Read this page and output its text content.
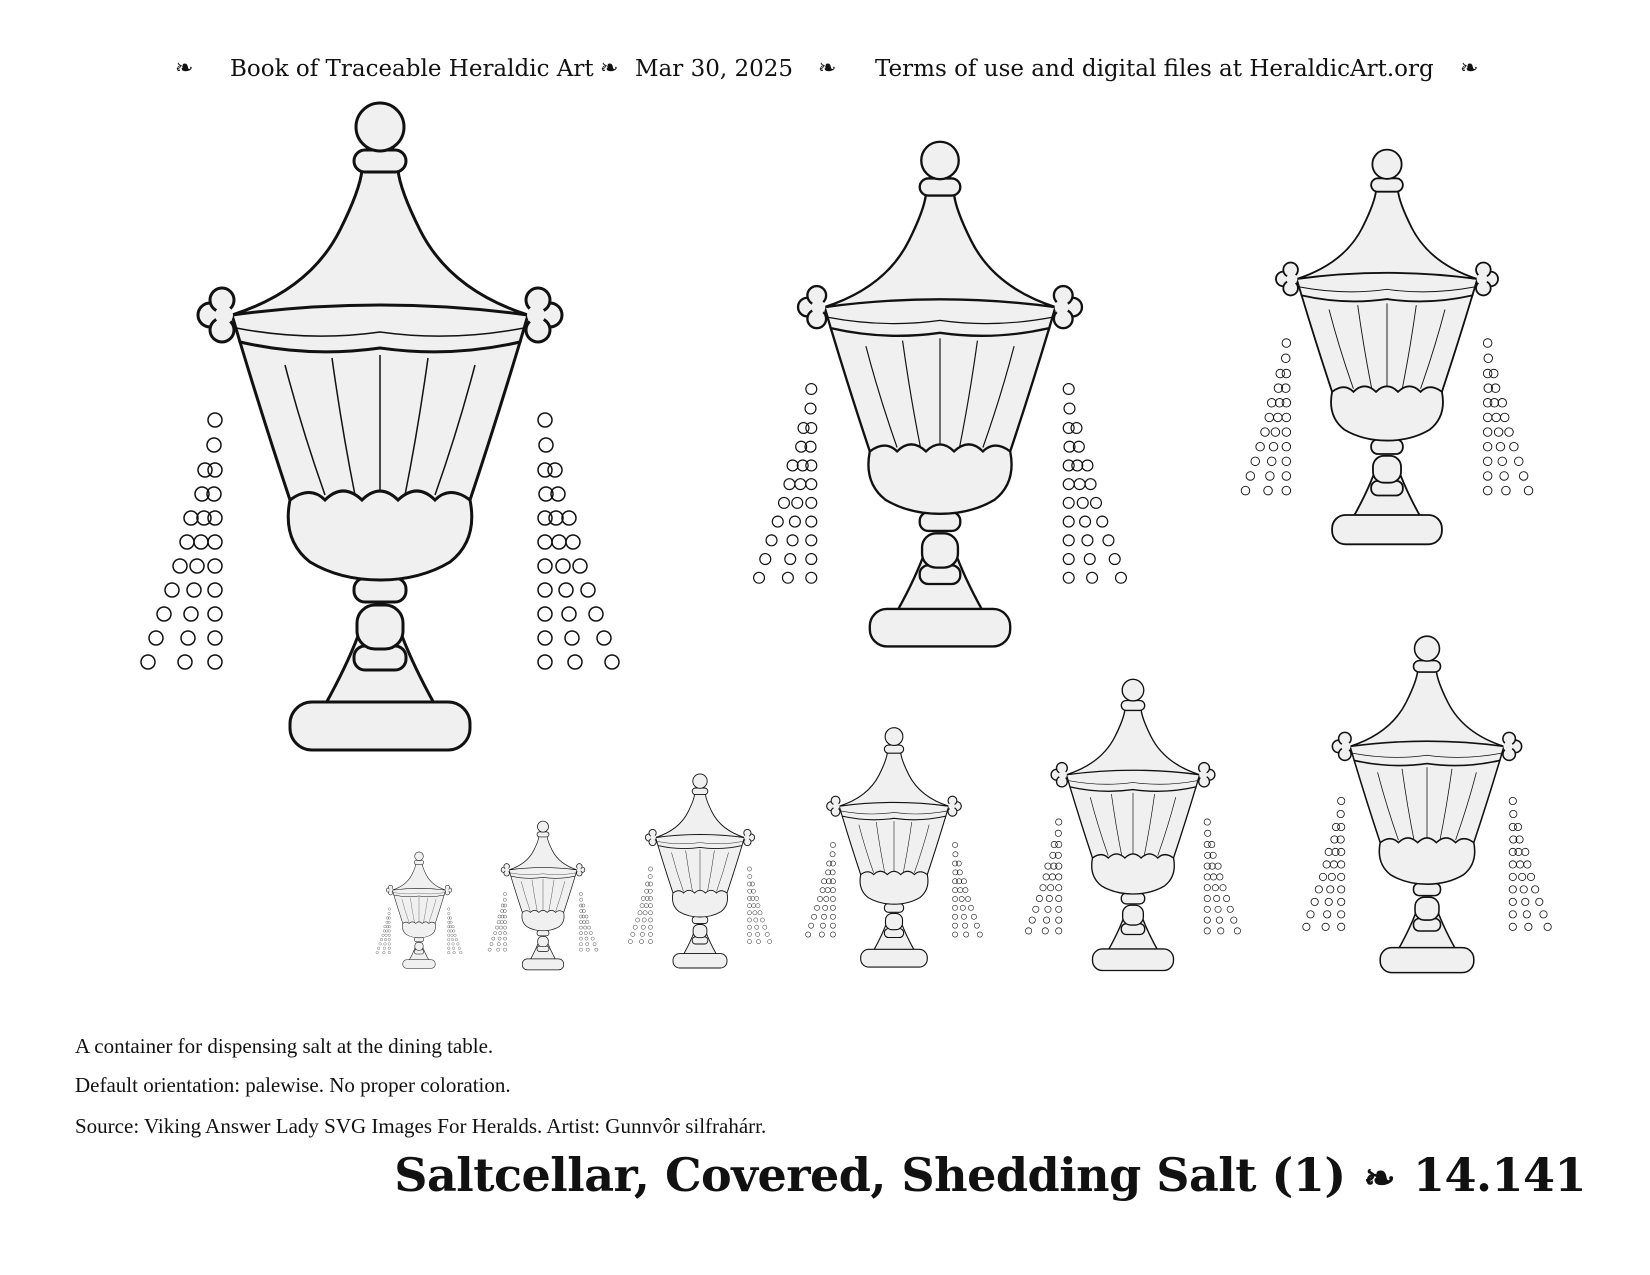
❧ Book of Traceable Heraldic Art ❧ Mar 30, 2025 ❧ Terms of use and digital files at HeraldicArt.org ❧
A container for dispensing salt at the dining table.
Default orientation: palewise. No proper coloration.
Source: Viking Answer Lady SVG Images For Heralds. Artist: Gunnvôr silfrahárr.
Saltcellar, Covered, Shedding Salt (1) ❧ 14.141
